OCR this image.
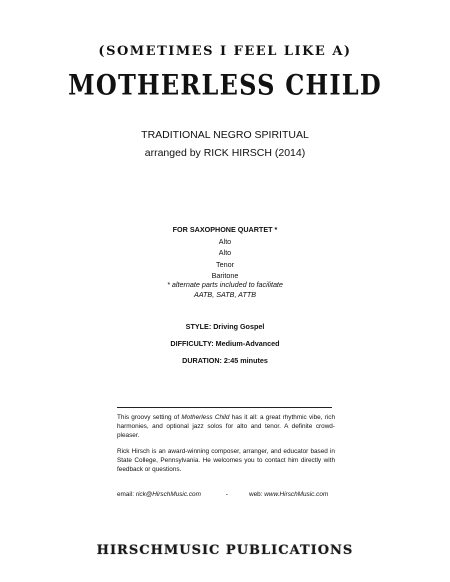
(SOMETIMES I FEEL LIKE A)
MOTHERLESS CHILD
TRADITIONAL NEGRO SPIRITUAL
arranged by RICK HIRSCH (2014)
FOR SAXOPHONE QUARTET *
Alto
Alto
Tenor
Baritone
* alternate parts included to facilitate
AATB, SATB, ATTB
STYLE: Driving Gospel
DIFFICULTY: Medium-Advanced
DURATION: 2:45 minutes

This groovy setting of Motherless Child has it all: a great rhythmic vibe, rich harmonies, and optional jazz solos for alto and tenor. A definite crowd-pleaser.

Rick Hirsch is an award-winning composer, arranger, and educator based in State College, Pennsylvania. He welcomes you to contact him directly with feedback or questions.

email: rick@HirschMusic.com	.	web: www.HirschMusic.com
HIRSCHMUSIC PUBLICATIONS
